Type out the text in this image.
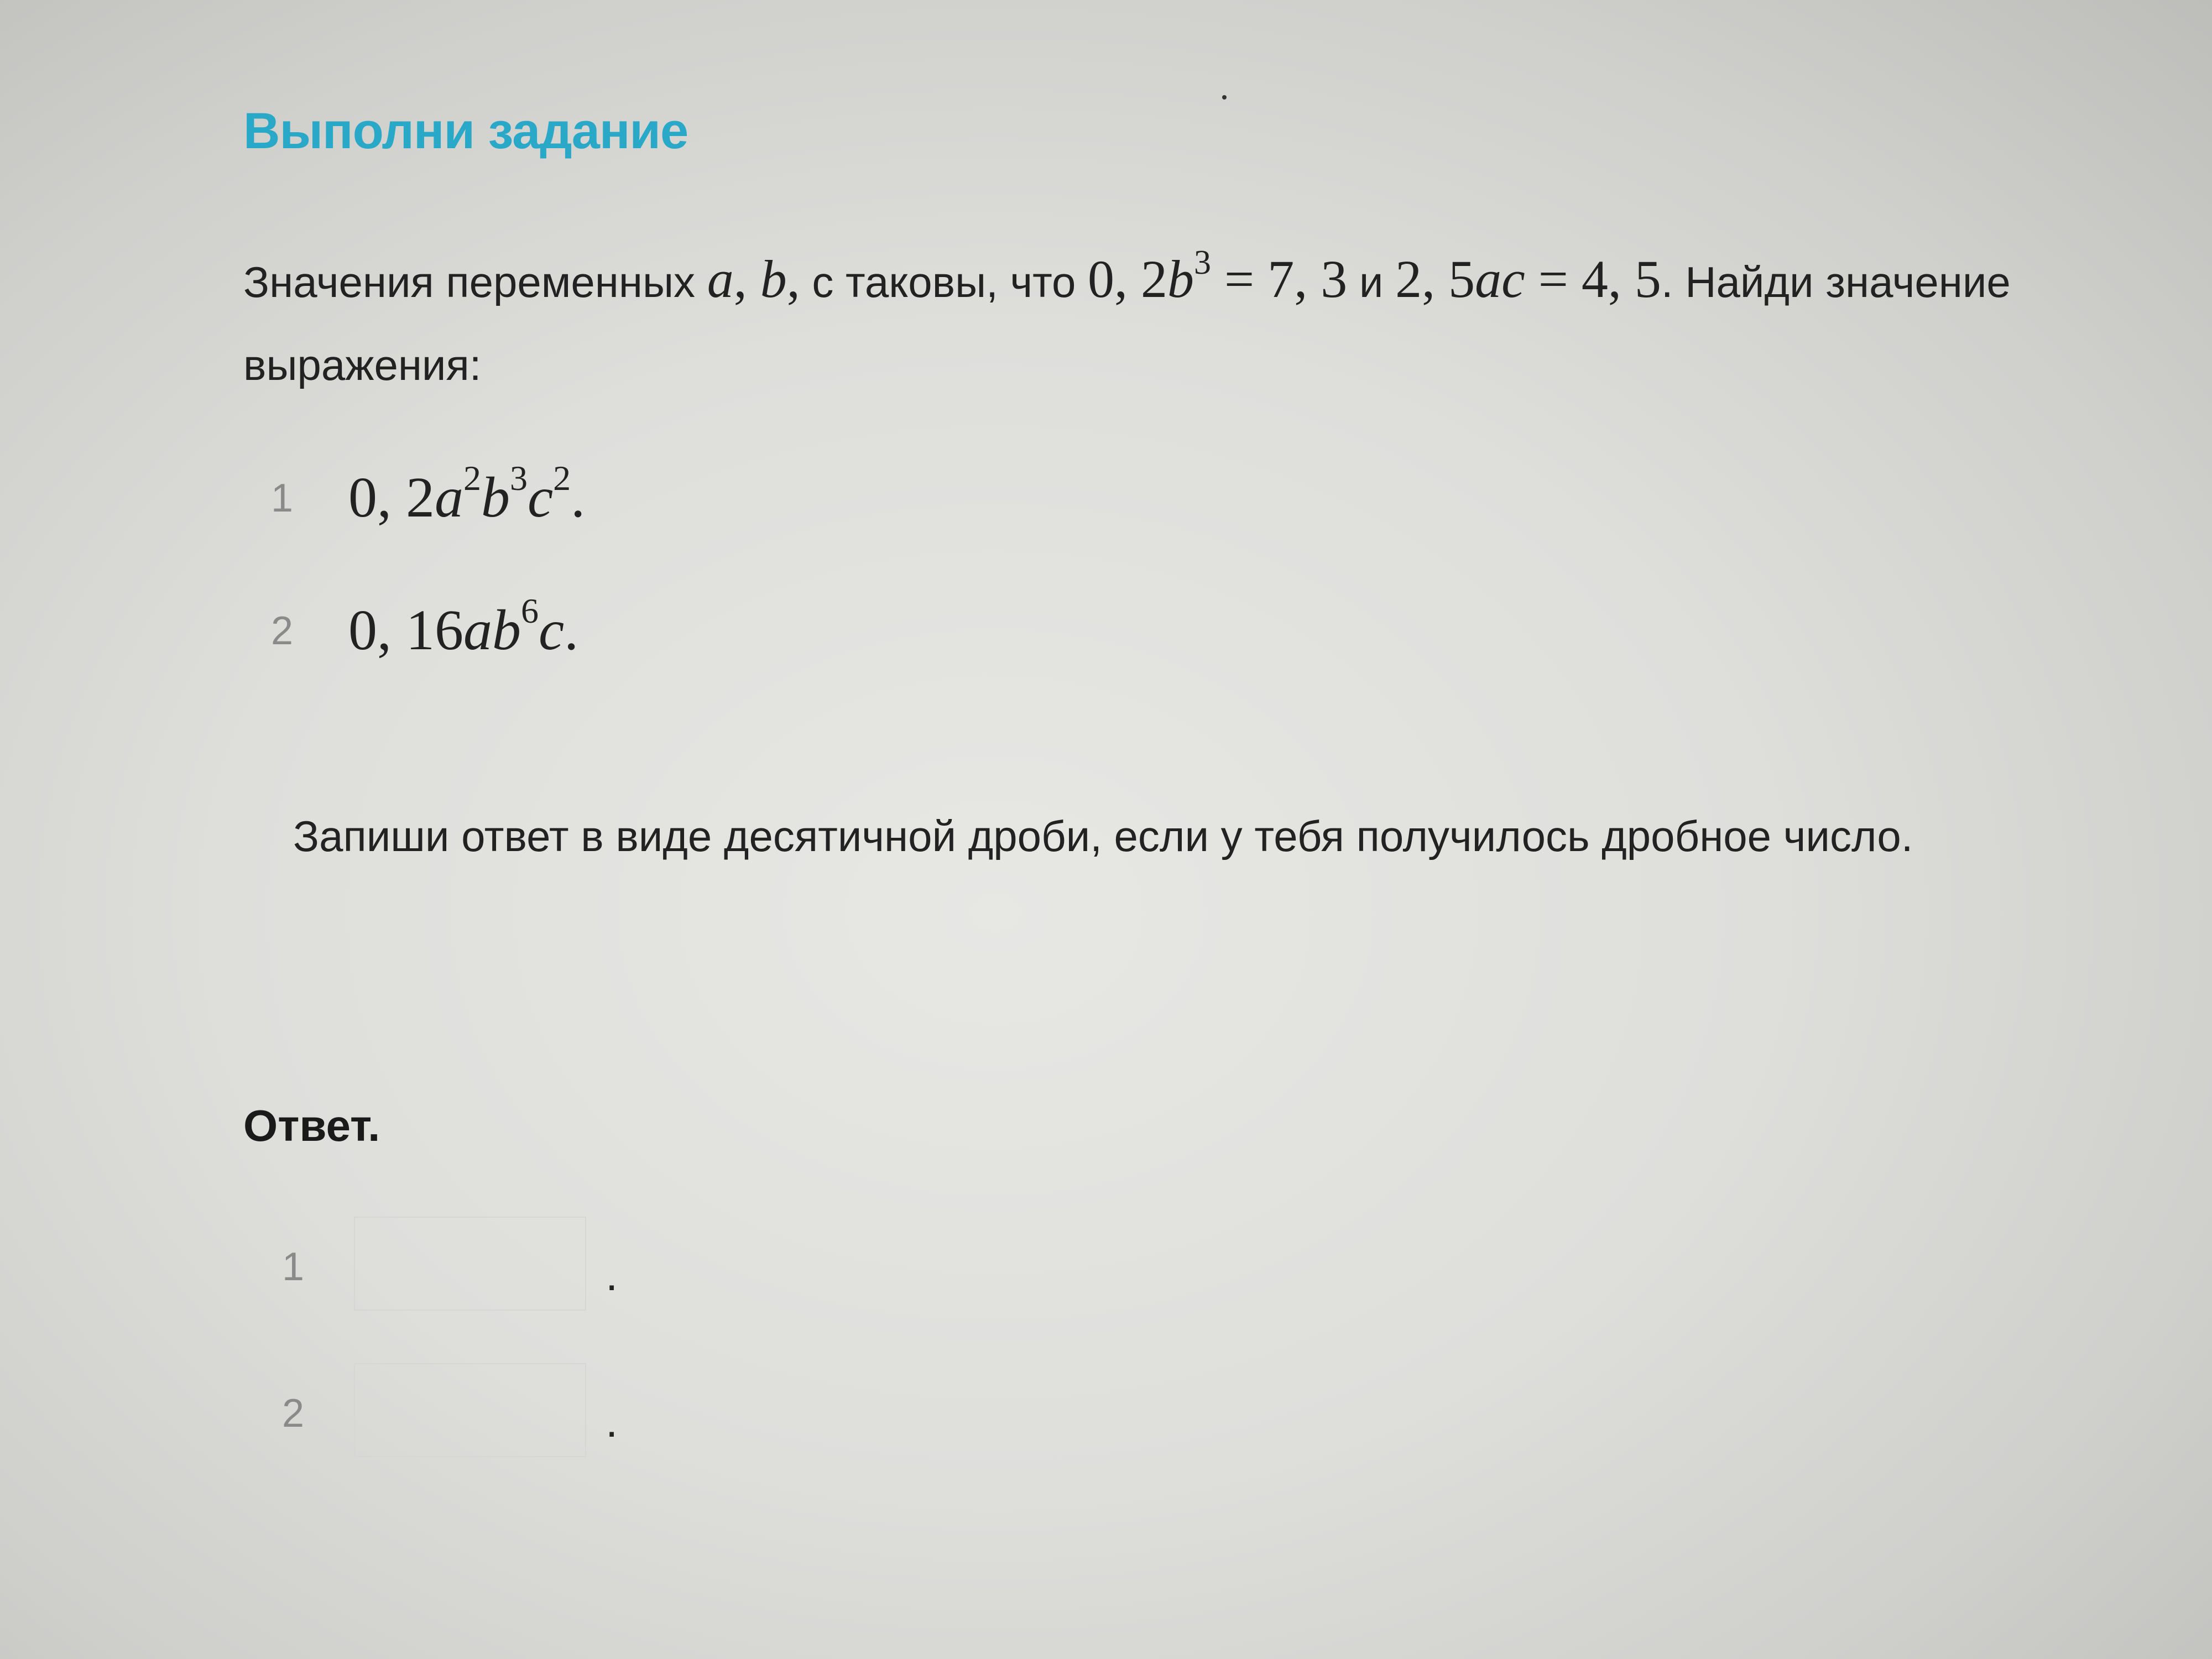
Выполни задание
Значения переменных a, b, c таковы, что 0, $2b^3 = 7$, 3 и 2, 5ac = 4, 5. Найди значение выражения:
1 0, $2a^2b^3c^2$.
2 0, $16ab^6c$.
Запиши ответ в виде десятичной дроби, если у тебя получилось дробное число.
Ответ.
1	.
2	.
